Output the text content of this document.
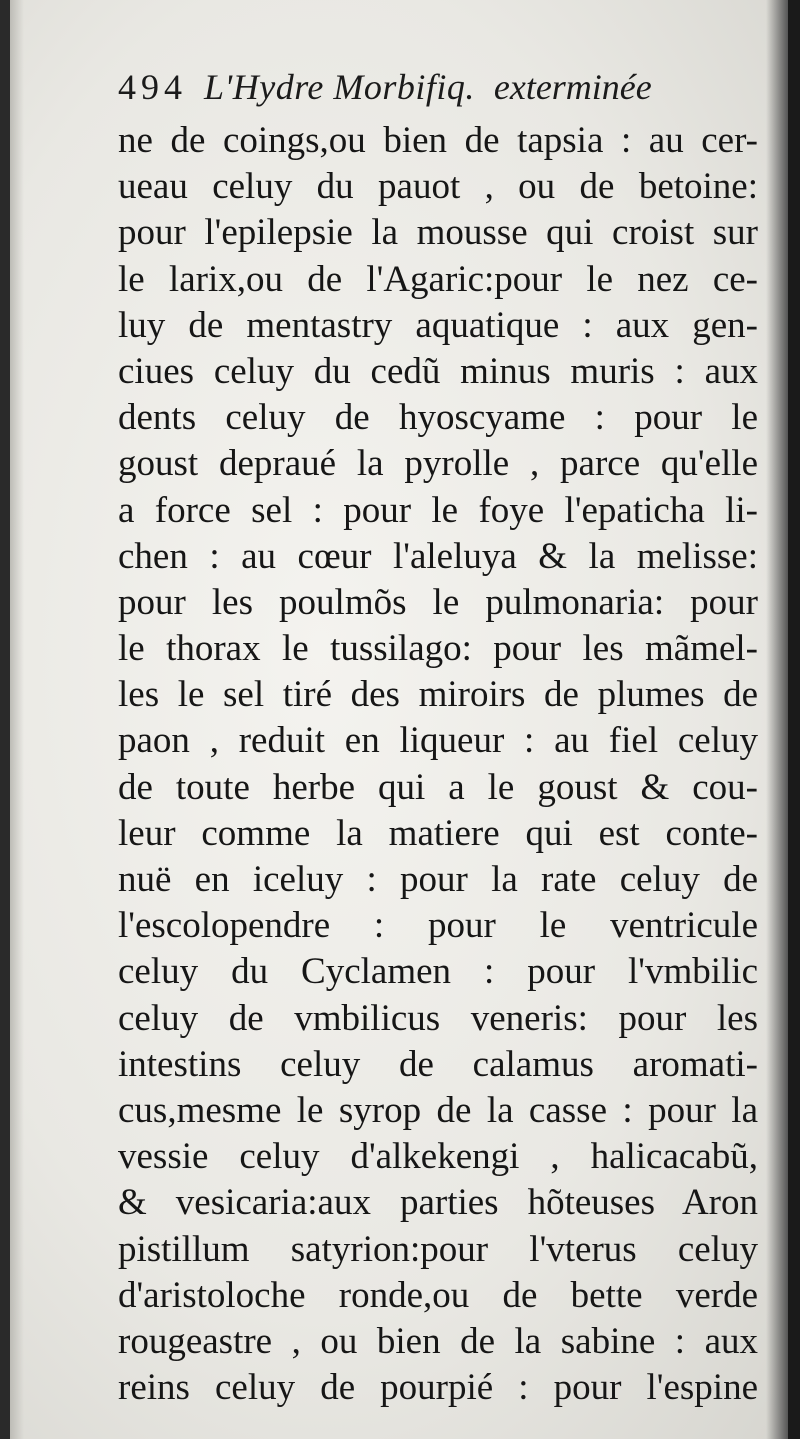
494 L'Hydre Morbifiq. exterminée
ne de coings,ou bien de tapsia : au cer-
ueau celuy du pauot , ou de betoine:
pour l'epilepsie la mousse qui croist sur
le larix,ou de l'Agaric:pour le nez ce-
luy de mentastry aquatique : aux gen-
ciues celuy du cedũ minus muris : aux
dents celuy de hyoscyame : pour le
goust depraué la pyrolle , parce qu'elle
a force sel : pour le foye l'epaticha li-
chen : au cœur l'aleluya & la melisse:
pour les poulmõs le pulmonaria: pour
le thorax le tussilago: pour les mãmel-
les le sel tiré des miroirs de plumes de
paon , reduit en liqueur : au fiel celuy
de toute herbe qui a le goust & cou-
leur comme la matiere qui est conte-
nuë en iceluy : pour la rate celuy de
l'escolopendre : pour le ventricule
celuy du Cyclamen : pour l'vmbilic
celuy de vmbilicus veneris: pour les
intestins celuy de calamus aromati-
cus,mesme le syrop de la casse : pour la
vessie celuy d'alkekengi , halicacabũ,
& vesicaria:aux parties hõteuses Aron
pistillum satyrion:pour l'vterus celuy
d'aristoloche ronde,ou de bette verde
rougeastre , ou bien de la sabine : aux
reins celuy de pourpié : pour l'espine
